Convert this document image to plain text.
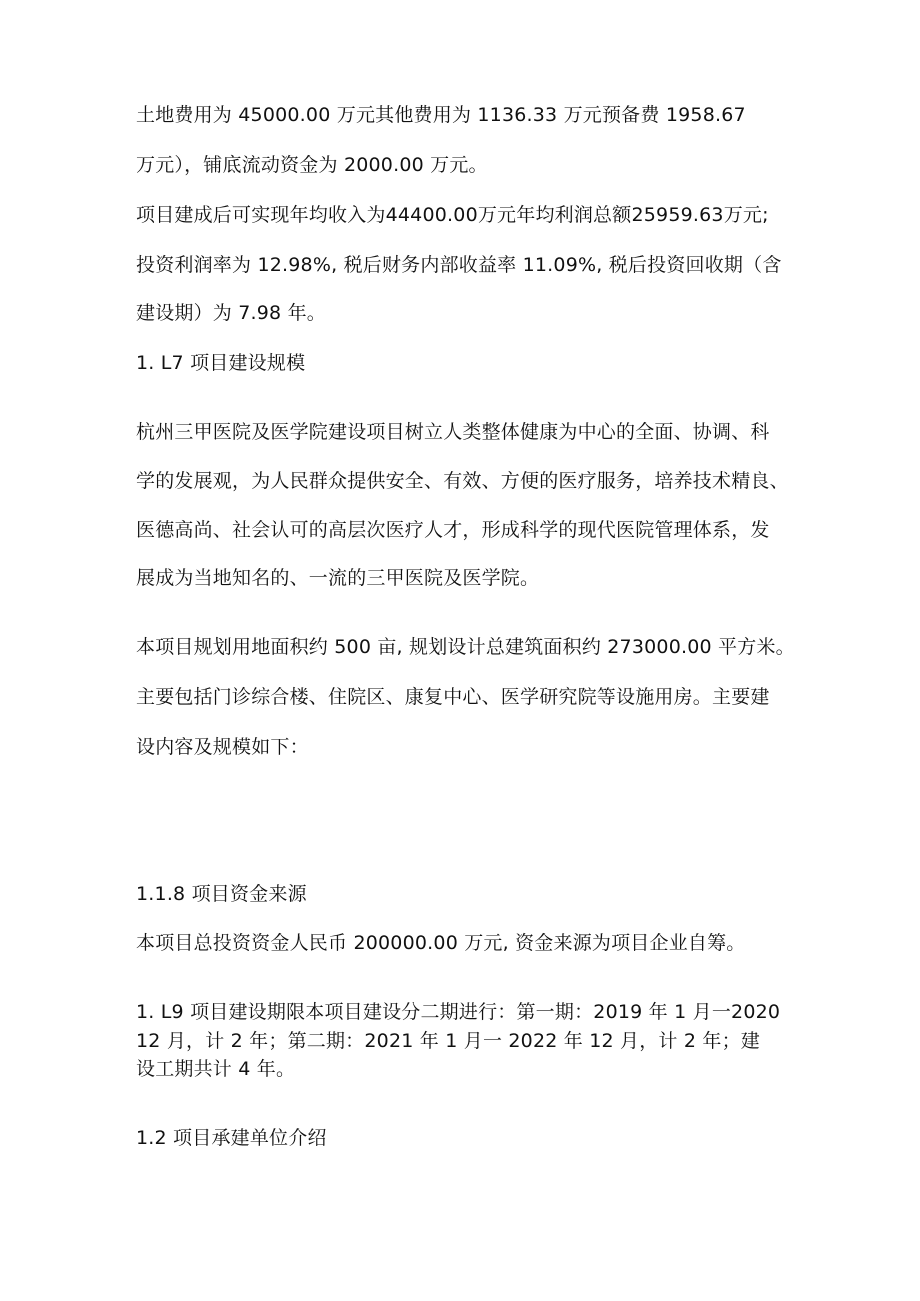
土地费用为 45000.00 万元其他费用为 1136.33 万元预备费 1958.67
万元），铺底流动资金为 2000.00 万元。
项目建成后可实现年均收入为44400.00万元年均利润总额25959.63万元;
投资利润率为 12.98%, 税后财务内部收益率 11.09%, 税后投资回收期（含
建设期）为 7.98 年。
1. L7 项目建设规模
杭州三甲医院及医学院建设项目树立人类整体健康为中心的全面、协调、科
学的发展观，为人民群众提供安全、有效、方便的医疗服务，培养技术精良、
医德高尚、社会认可的高层次医疗人才，形成科学的现代医院管理体系，发
展成为当地知名的、一流的三甲医院及医学院。
本项目规划用地面积约 500 亩, 规划设计总建筑面积约 273000.00 平方米。
主要包括门诊综合楼、住院区、康复中心、医学研究院等设施用房。主要建
设内容及规模如下：
1.1.8 项目资金来源
本项目总投资资金人民币 200000.00 万元, 资金来源为项目企业自筹。
1. L9 项目建设期限本项目建设分二期进行：第一期：2019 年 1 月一2020
12 月，计 2 年；第二期：2021 年 1 月一 2022 年 12 月，计 2 年；建
设工期共计 4 年。
1.2 项目承建单位介绍
